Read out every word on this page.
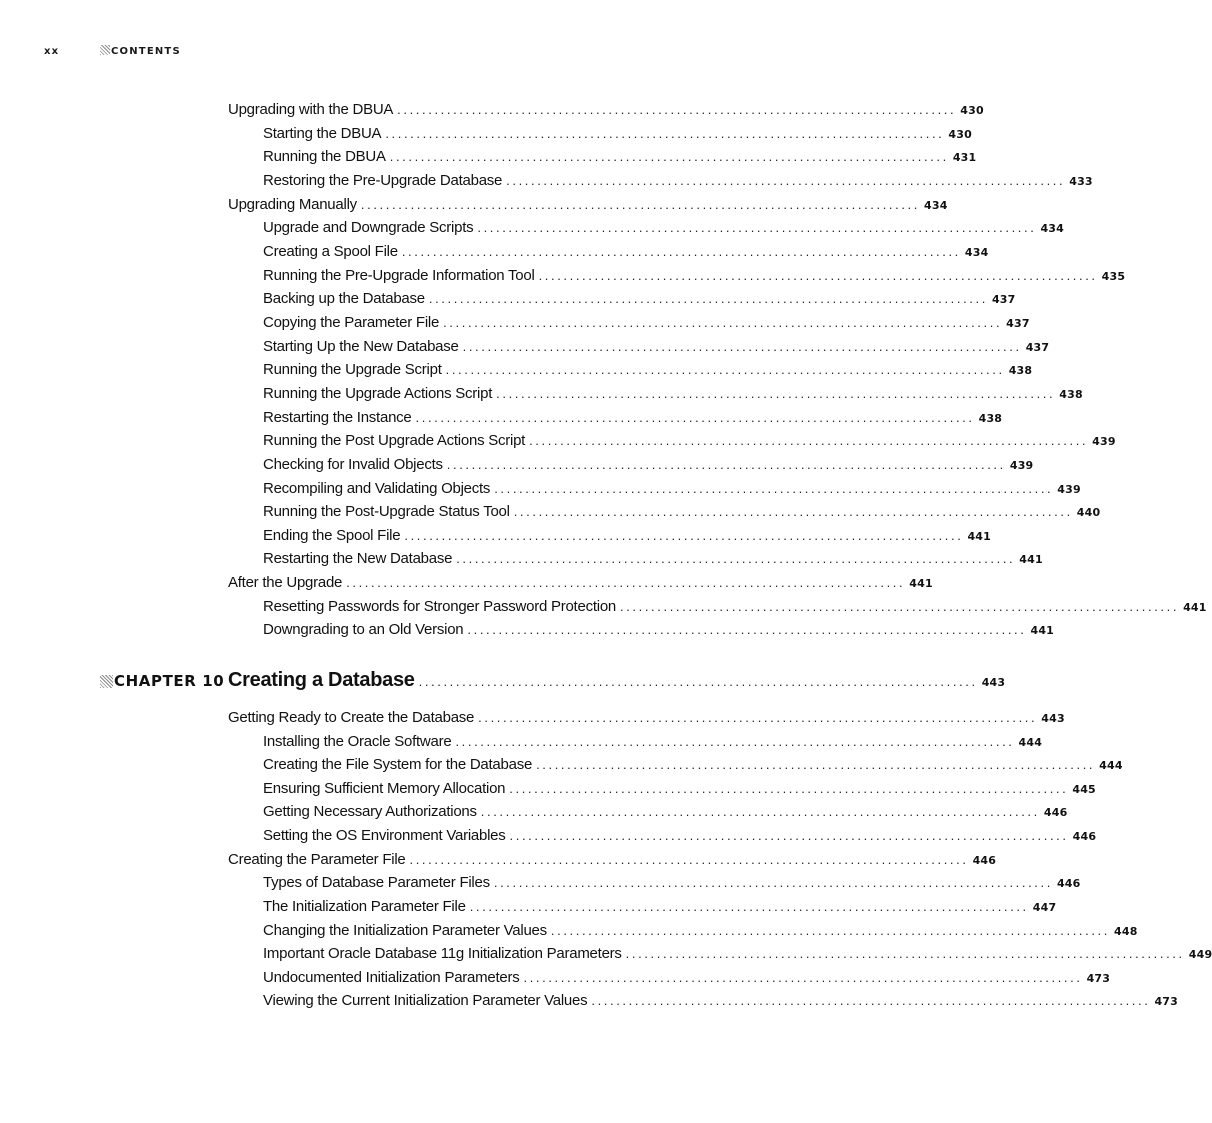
xx	CONTENTS
Upgrading with the DBUA .......................................................................................... 430
Starting the DBUA .......................................................................................... 430
Running the DBUA .......................................................................................... 431
Restoring the Pre-Upgrade Database .......................................................................................... 433
Upgrading Manually .......................................................................................... 434
Upgrade and Downgrade Scripts .......................................................................................... 434
Creating a Spool File .......................................................................................... 434
Running the Pre-Upgrade Information Tool .......................................................................................... 435
Backing up the Database .......................................................................................... 437
Copying the Parameter File .......................................................................................... 437
Starting Up the New Database .......................................................................................... 437
Running the Upgrade Script .......................................................................................... 438
Running the Upgrade Actions Script .......................................................................................... 438
Restarting the Instance .......................................................................................... 438
Running the Post Upgrade Actions Script .......................................................................................... 439
Checking for Invalid Objects .......................................................................................... 439
Recompiling and Validating Objects .......................................................................................... 439
Running the Post-Upgrade Status Tool .......................................................................................... 440
Ending the Spool File .......................................................................................... 441
Restarting the New Database .......................................................................................... 441
After the Upgrade .......................................................................................... 441
Resetting Passwords for Stronger Password Protection .......................................................................................... 441
Downgrading to an Old Version .......................................................................................... 441
CHAPTER 10 Creating a Database .......................................................................................... 443
Getting Ready to Create the Database .......................................................................................... 443
Installing the Oracle Software .......................................................................................... 444
Creating the File System for the Database .......................................................................................... 444
Ensuring Sufficient Memory Allocation .......................................................................................... 445
Getting Necessary Authorizations .......................................................................................... 446
Setting the OS Environment Variables .......................................................................................... 446
Creating the Parameter File .......................................................................................... 446
Types of Database Parameter Files .......................................................................................... 446
The Initialization Parameter File .......................................................................................... 447
Changing the Initialization Parameter Values .......................................................................................... 448
Important Oracle Database 11g Initialization Parameters .......................................................................................... 449
Undocumented Initialization Parameters .......................................................................................... 473
Viewing the Current Initialization Parameter Values .......................................................................................... 473
